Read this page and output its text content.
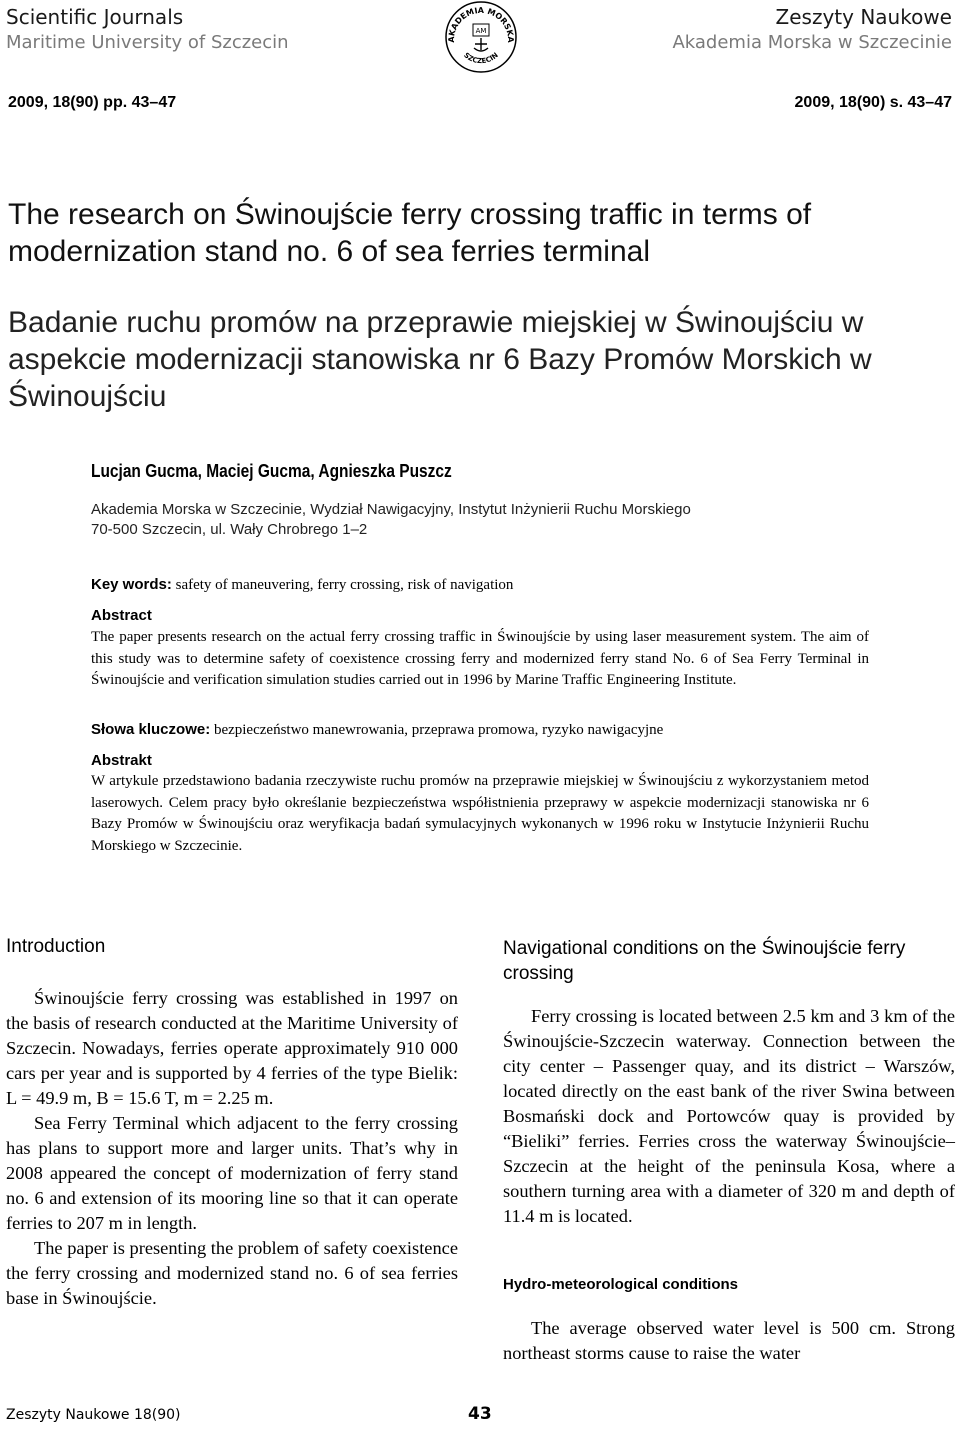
Scientific Journals
Maritime University of Szczecin	AKADEMIA MORSKA
SZCZECIN
AM
Zeszyty Naukowe
Akademia Morska w Szczecinie
2009, 18(90) pp. 43–47	2009, 18(90) s. 43–47
The research on Świnoujście ferry crossing traffic in terms of modernization stand no. 6 of sea ferries terminal
Badanie ruchu promów na przeprawie miejskiej w Świnoujściu w aspekcie modernizacji stanowiska nr 6 Bazy Promów Morskich w Świnoujściu
Lucjan Gucma, Maciej Gucma, Agnieszka Puszcz
Akademia Morska w Szczecinie, Wydział Nawigacyjny, Instytut Inżynierii Ruchu Morskiego
70-500 Szczecin, ul. Wały Chrobrego 1–2
Key words: safety of maneuvering, ferry crossing, risk of navigation
Abstract
The paper presents research on the actual ferry crossing traffic in Świnoujście by using laser measurement system. The aim of this study was to determine safety of coexistence crossing ferry and modernized ferry stand No. 6 of Sea Ferry Terminal in Świnoujście and verification simulation studies carried out in 1996 by Marine Traffic Engineering Institute.
Słowa kluczowe: bezpieczeństwo manewrowania, przeprawa promowa, ryzyko nawigacyjne
Abstrakt
W artykule przedstawiono badania rzeczywiste ruchu promów na przeprawie miejskiej w Świnoujściu z wykorzystaniem metod laserowych. Celem pracy było określanie bezpieczeństwa współistnienia przeprawy w aspekcie modernizacji stanowiska nr 6 Bazy Promów w Świnoujściu oraz weryfikacja badań symulacyjnych wykonanych w 1996 roku w Instytucie Inżynierii Ruchu Morskiego w Szczecinie.
Introduction

Świnoujście ferry crossing was established in 1997 on the basis of research conducted at the Maritime University of Szczecin. Nowadays, ferries operate approximately 910 000 cars per year and is supported by 4 ferries of the type Bielik: L = 49.9 m, B = 15.6 T, m = 2.25 m.

Sea Ferry Terminal which adjacent to the ferry crossing has plans to support more and larger units. That’s why in 2008 appeared the concept of modernization of ferry stand no. 6 and extension of its mooring line so that it can operate ferries to 207 m in length.

The paper is presenting the problem of safety coexistence the ferry crossing and modernized stand no. 6 of sea ferries base in Świnoujście.

Navigational conditions on the Świnoujście ferry crossing

Ferry crossing is located between 2.5 km and 3 km of the Świnoujście-Szczecin waterway. Connection between the city center – Passenger quay, and its district – Warszów, located directly on the east bank of the river Swina between Bosmański dock and Portowców quay is provided by “Bieliki” ferries. Ferries cross the waterway Świnoujście–Szczecin at the height of the peninsula Kosa, where a southern turning area with a diameter of 320 m and depth of 11.4 m is located.

Hydro-meteorological conditions

The average observed water level is 500 cm. Strong northeast storms cause to raise the water

Zeszyty Naukowe 18(90)	43
